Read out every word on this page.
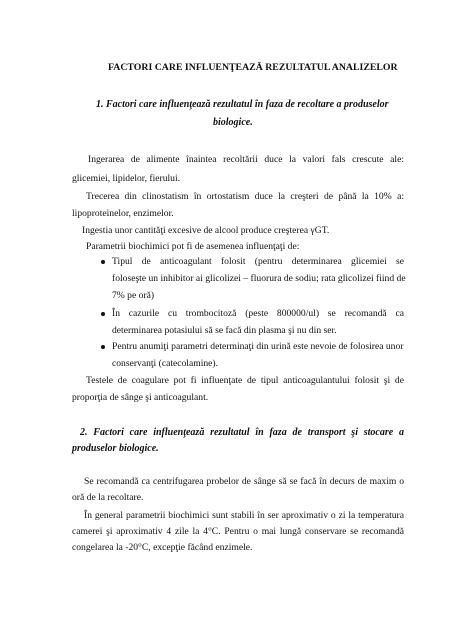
FACTORI CARE INFLUENŢEAZĂ REZULTATUL ANALIZELOR
1. Factori care influenţează rezultatul în faza de recoltare a produselor
biologice.
Ingerarea de alimente înaintea recoltării duce la valori fals crescute ale:
glicemiei, lipidelor, fierului.
Trecerea din clinostatism în ortostatism duce la creşteri de până la 10% a:
lipoproteinelor, enzimelor.
Ingestia unor cantităţi excesive de alcool produce creşterea γGT.
Parametrii biochimici pot fi de asemenea influenţaţi de:
Tipul de anticoagulant folosit (pentru determinarea glicemiei se
foloseşte un inhibitor ai glicolizei – fluorura de sodiu; rata glicolizei fiind de
7% pe oră)
În cazurile cu trombocitoză (peste 800000/ul) se recomandă ca
determinarea potasiului să se facă din plasma şi nu din ser.
Pentru anumiţi parametri determinaţi din urină este nevoie de folosirea unor
conservanţi (catecolamine).
Testele de coagulare pot fi influenţate de tipul anticoagulantului folosit şi de
proporţia de sânge şi anticoagulant.
2. Factori care influenţează rezultatul în faza de transport şi stocare a
produselor biologice.
Se recomandă ca centrifugarea probelor de sânge să se facă în decurs de maxim o
oră de la recoltare.
În general parametrii biochimici sunt stabili în ser aproximativ o zi la temperatura
camerei şi aproximativ 4 zile la 4°C. Pentru o mai lungă conservare se recomandă
congelarea la -20°C, excepţie făcând enzimele.
